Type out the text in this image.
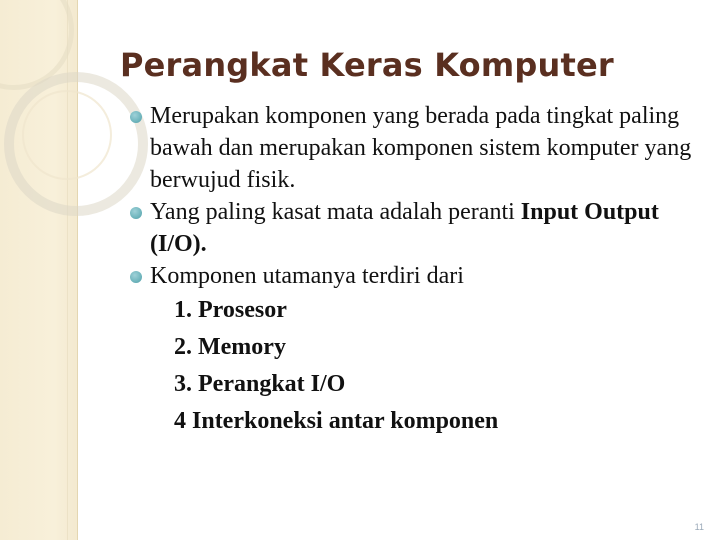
Perangkat Keras Komputer
Merupakan komponen yang berada pada tingkat paling bawah dan merupakan komponen sistem komputer yang berwujud fisik.
Yang paling kasat mata adalah peranti Input Output (I/O).
Komponen utamanya terdiri dari
1. Prosesor
2. Memory
3. Perangkat I/O
4 Interkoneksi antar komponen
11
